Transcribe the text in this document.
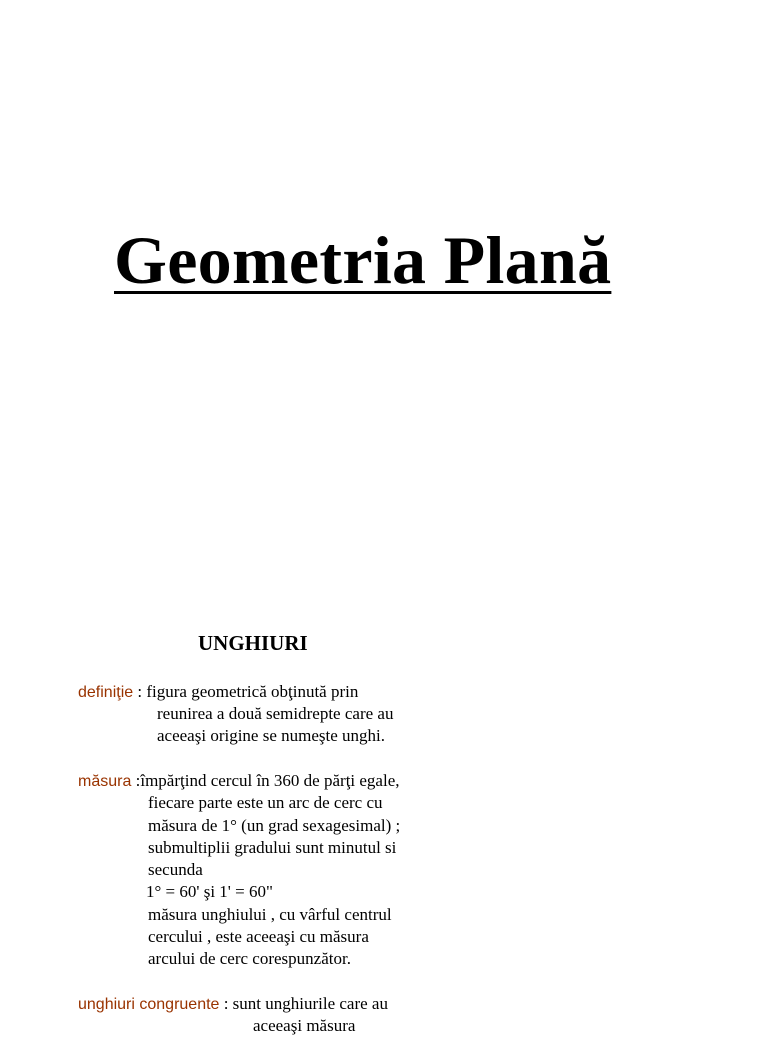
Geometria Plană
UNGHIURI
definiţie : figura geometrică obţinută prin
reunirea a două semidrepte care au
aceeaşi origine se numeşte unghi.
măsura :împărţind cercul în 360 de părţi egale,
fiecare parte este un arc de cerc cu
măsura de 1° (un grad sexagesimal) ;
submultiplii gradului sunt minutul si
secunda
1° = 60' şi 1' = 60"
măsura unghiului , cu vârful centrul
cercului , este aceeaşi cu măsura
arcului de cerc corespunzător.
unghiuri congruente : sunt unghiurile care au
aceeaşi măsura
